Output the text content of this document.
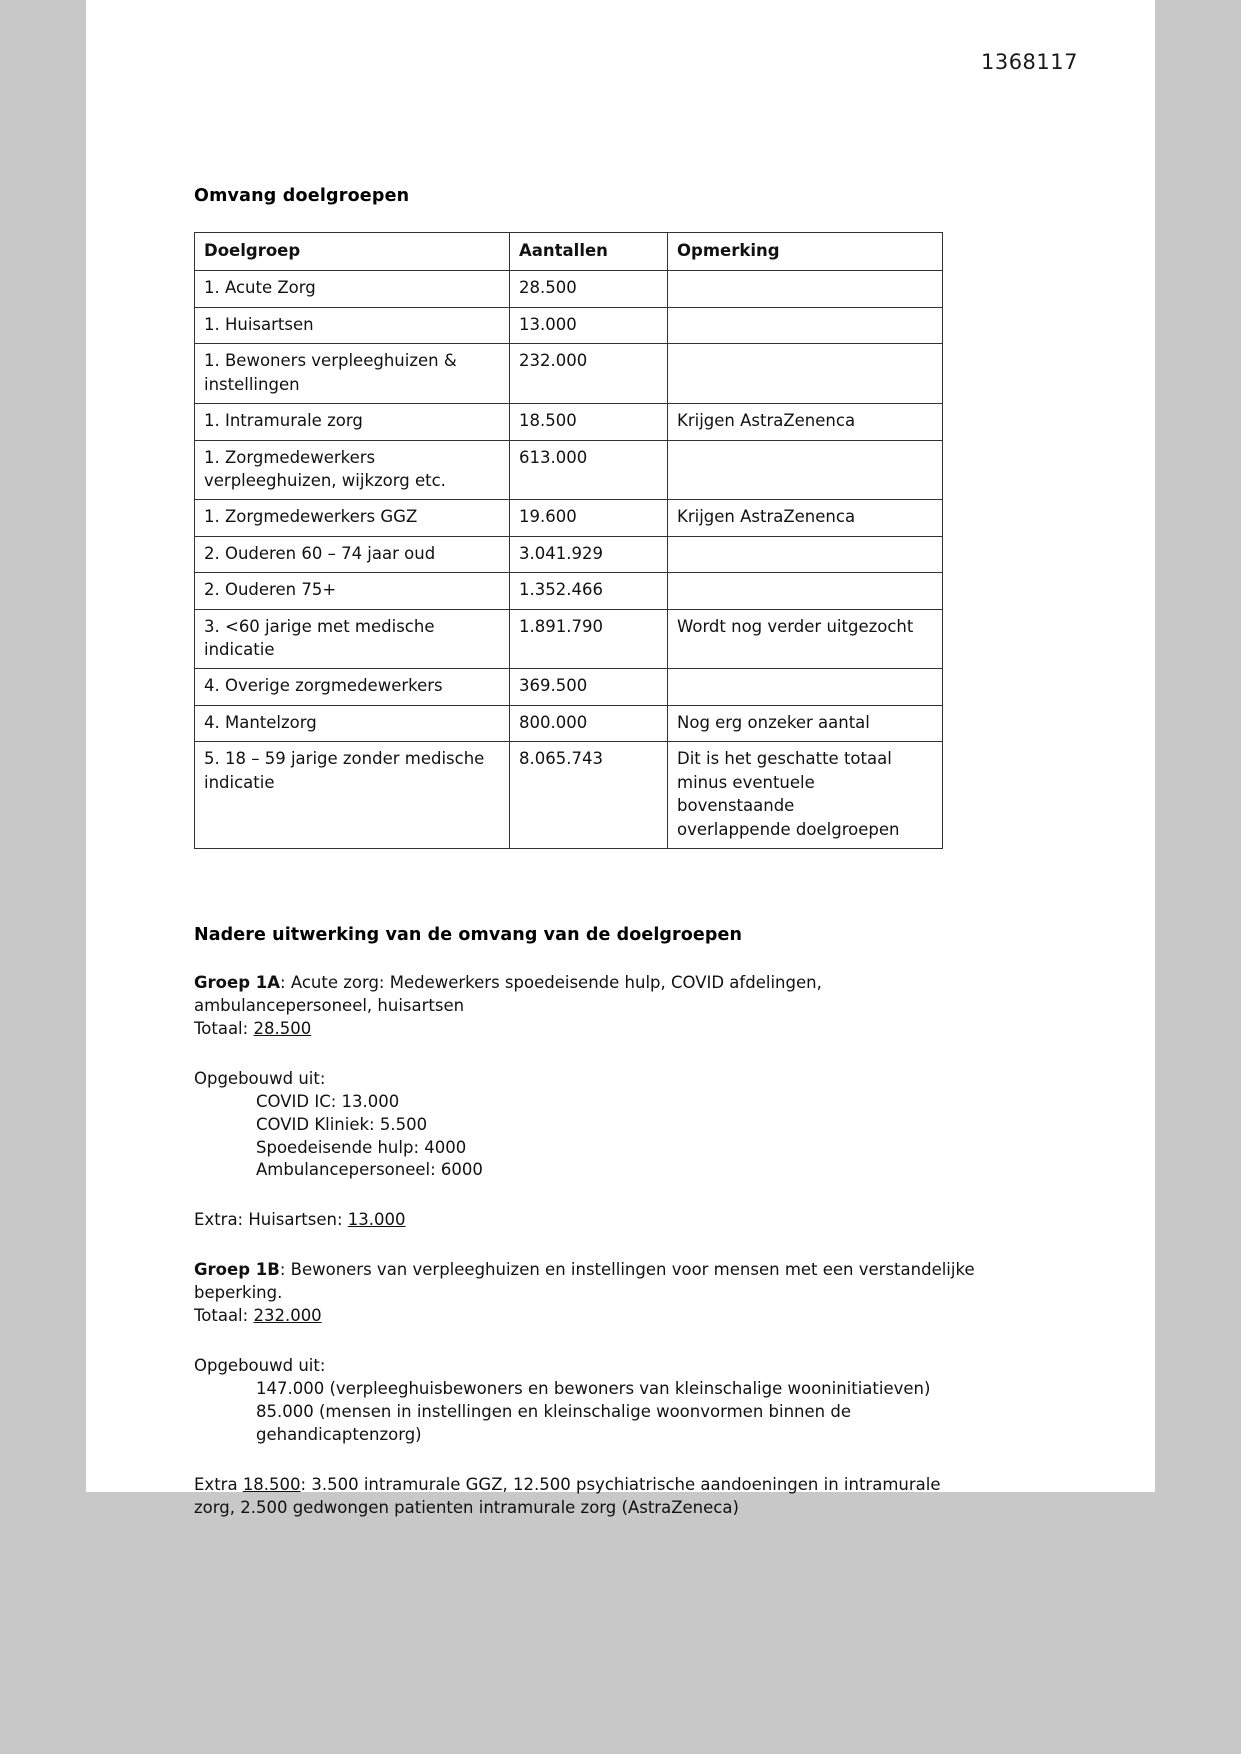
1368117
Omvang doelgroepen
Doelgroep	Aantallen	Opmerking

1. Acute Zorg	28.500	

1. Huisartsen	13.000	

1. Bewoners verpleeghuizen &
instellingen	232.000	

1. Intramurale zorg	18.500	Krijgen AstraZenenca

1. Zorgmedewerkers
verpleeghuizen, wijkzorg etc.	613.000	

1. Zorgmedewerkers GGZ	19.600	Krijgen AstraZenenca

2. Ouderen 60 – 74 jaar oud	3.041.929	

2. Ouderen 75+	1.352.466	

3. <60 jarige met medische
indicatie	1.891.790	Wordt nog verder uitgezocht

4. Overige zorgmedewerkers	369.500	

4. Mantelzorg	800.000	Nog erg onzeker aantal

5. 18 – 59 jarige zonder medische
indicatie	8.065.743	Dit is het geschatte totaal
minus eventuele bovenstaande
overlappende doelgroepen
Nadere uitwerking van de omvang van de doelgroepen

Groep 1A: Acute zorg: Medewerkers spoedeisende hulp, COVID afdelingen, ambulancepersoneel, huisartsen
Totaal: 28.500

Opgebouwd uit:

COVID IC: 13.000
COVID Kliniek: 5.500
Spoedeisende hulp: 4000
Ambulancepersoneel: 6000

Extra: Huisartsen: 13.000

Groep 1B: Bewoners van verpleeghuizen en instellingen voor mensen met een verstandelijke beperking.
Totaal: 232.000

Opgebouwd uit:

147.000 (verpleeghuisbewoners en bewoners van kleinschalige wooninitiatieven)
85.000 (mensen in instellingen en kleinschalige woonvormen binnen de gehandicaptenzorg)

Extra 18.500: 3.500 intramurale GGZ, 12.500 psychiatrische aandoeningen in intramurale zorg, 2.500 gedwongen patienten intramurale zorg (AstraZeneca)
